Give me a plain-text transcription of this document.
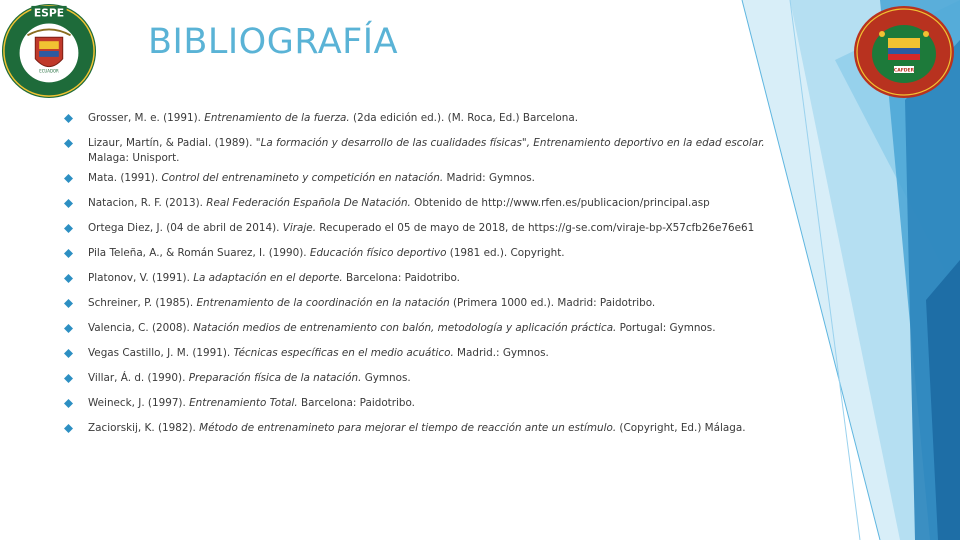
ESPE
ECUADOR	CAFDER
BIBLIOGRAFÍA
Grosser, M. e. (1991). Entrenamiento de la fuerza. (2da edición ed.). (M. Roca, Ed.) Barcelona.
Lizaur, Martín, & Padial. (1989). "La formación y desarrollo de las cualidades físicas", Entrenamiento deportivo en la edad escolar. Malaga: Unisport.
Mata. (1991). Control del entrenamineto y competición en natación. Madrid: Gymnos.
Natacion, R. F. (2013). Real Federación Española De Natación. Obtenido de http://www.rfen.es/publicacion/principal.asp
Ortega Diez, J. (04 de abril de 2014). Viraje. Recuperado el 05 de mayo de 2018, de https://g-se.com/viraje-bp-X57cfb26e76e61
Pila Teleña, A., & Román Suarez, I. (1990). Educación físico deportivo (1981 ed.). Copyright.
Platonov, V. (1991). La adaptación en el deporte. Barcelona: Paidotribo.
Schreiner, P. (1985). Entrenamiento de la coordinación en la natación (Primera 1000 ed.). Madrid: Paidotribo.
Valencia, C. (2008). Natación medios de entrenamiento con balón, metodología y aplicación práctica. Portugal: Gymnos.
Vegas Castillo, J. M. (1991). Técnicas específicas en el medio acuático. Madrid.: Gymnos.
Villar, Á. d. (1990). Preparación física de la natación. Gymnos.
Weineck, J. (1997). Entrenamiento Total. Barcelona: Paidotribo.
Zaciorskij, K. (1982). Método de entrenamineto para mejorar el tiempo de reacción ante un estímulo. (Copyright, Ed.) Málaga.
